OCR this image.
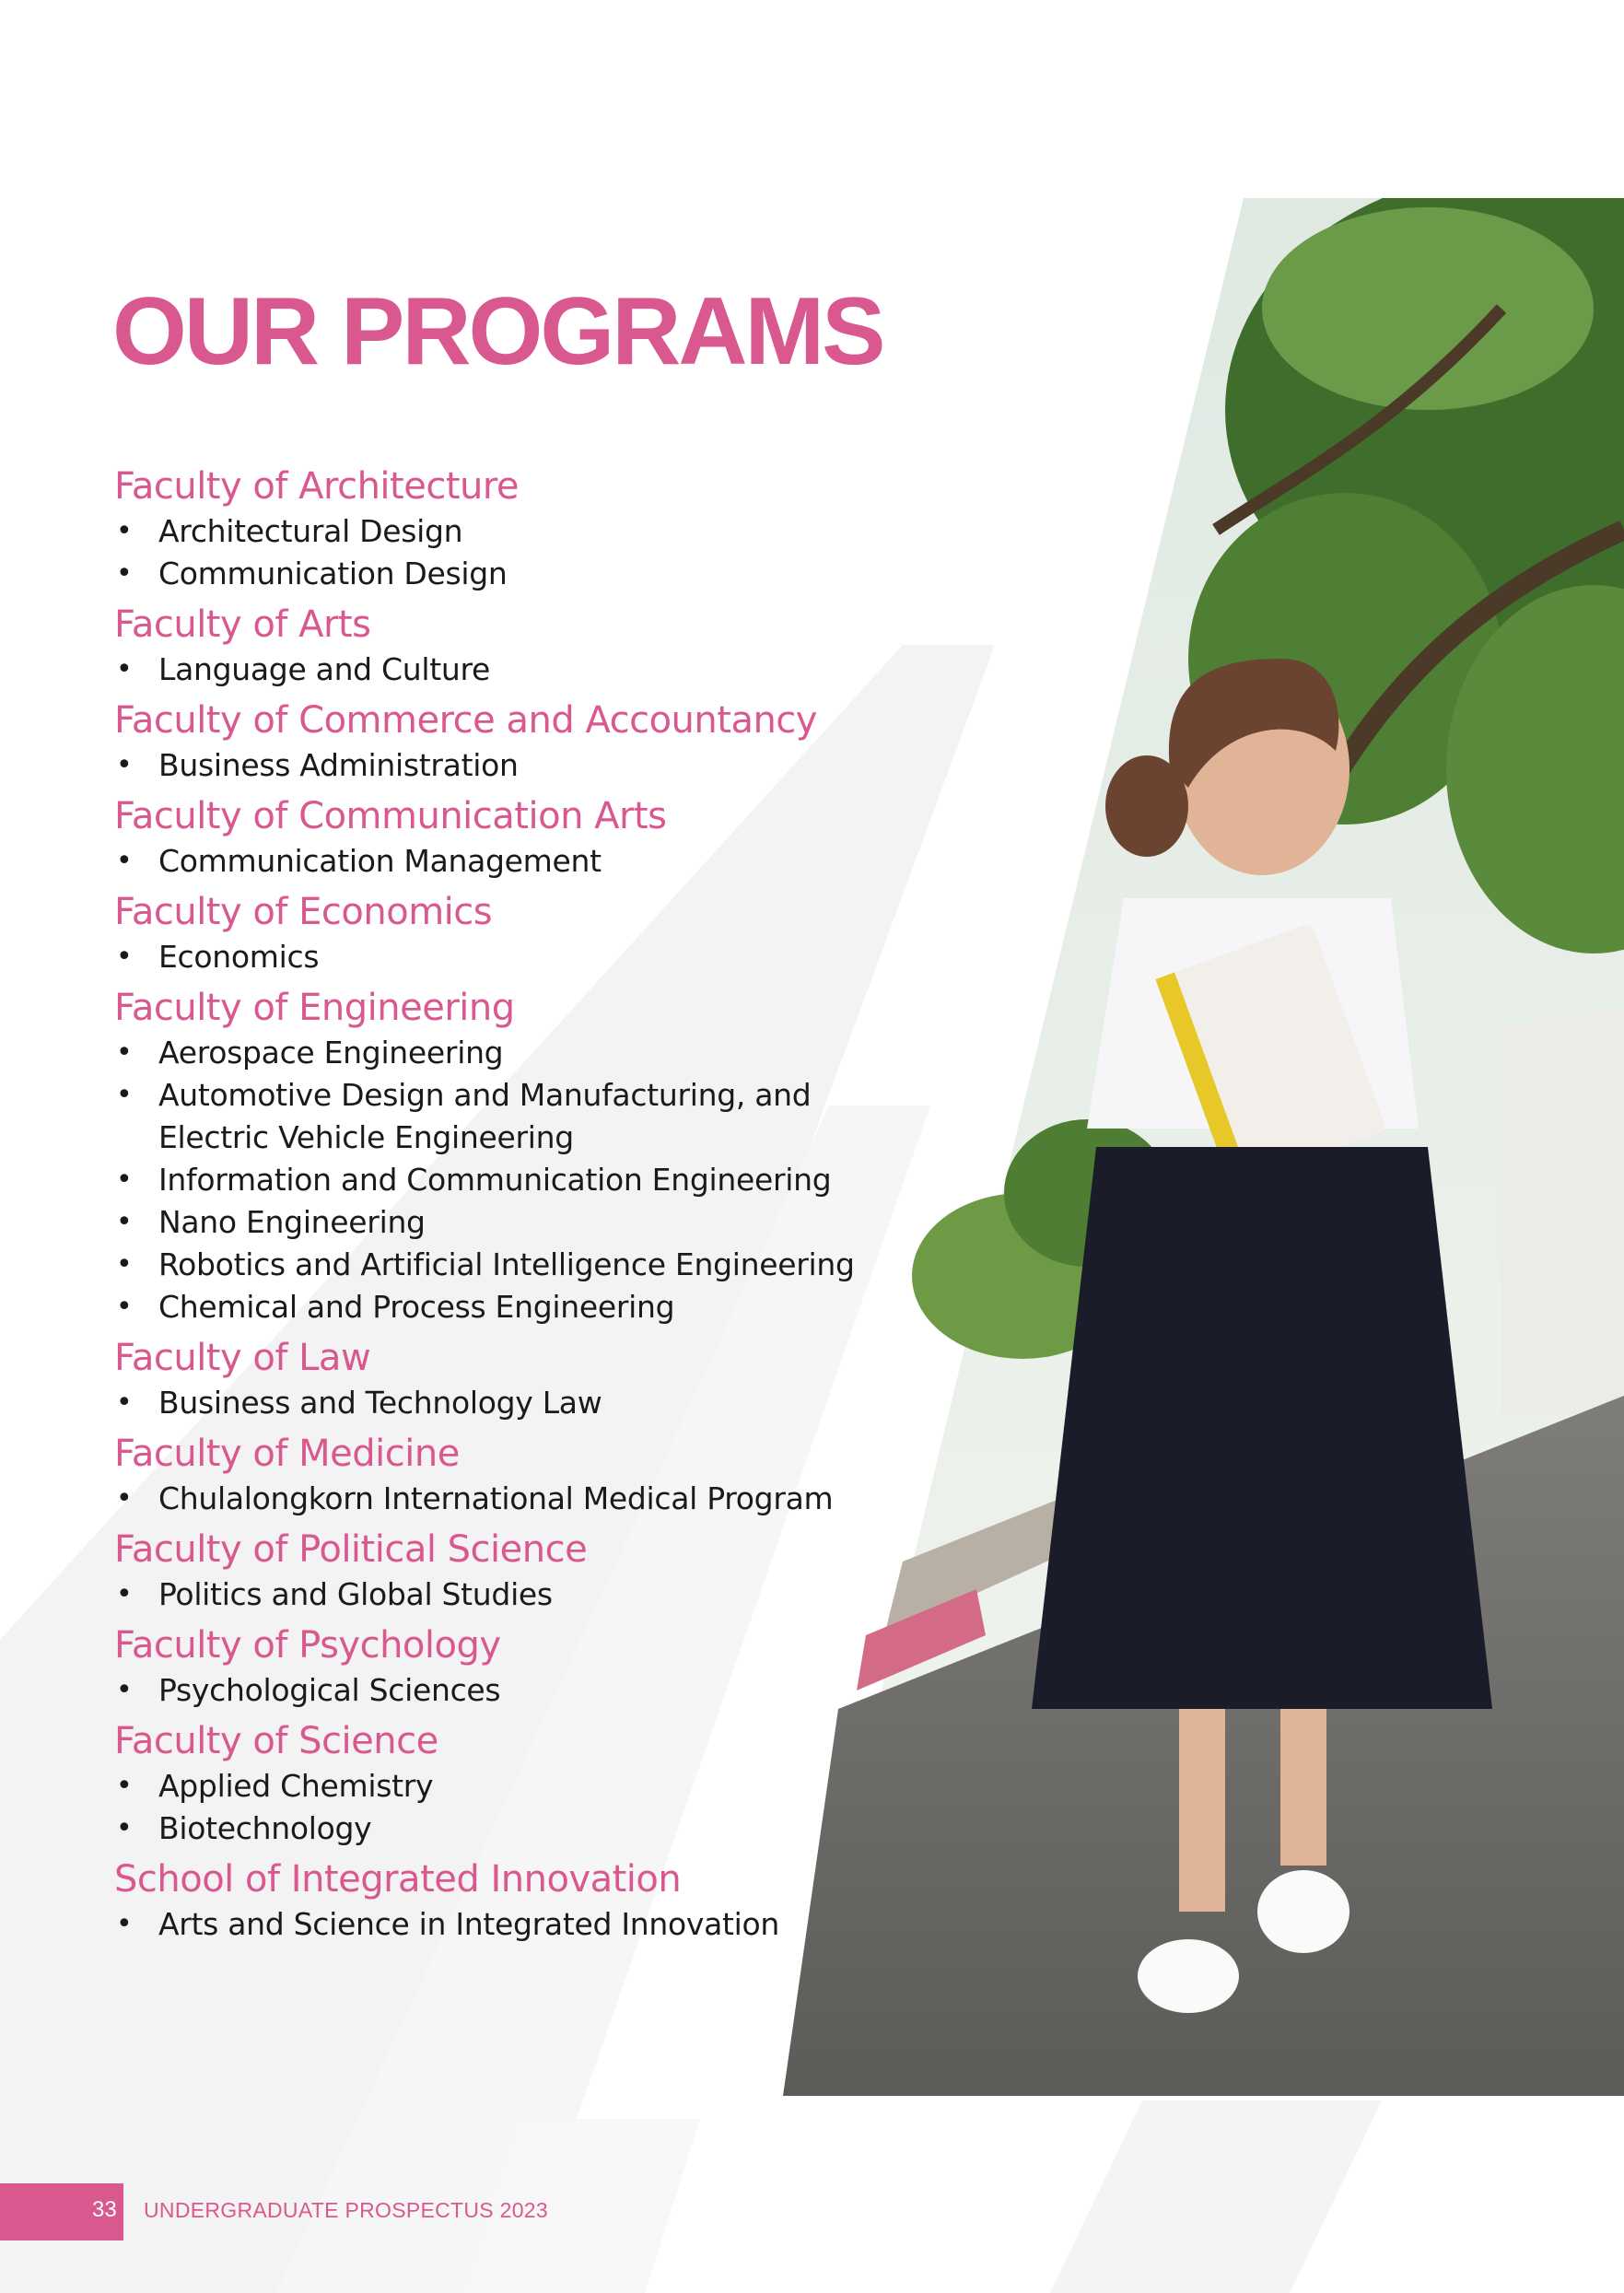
OUR PROGRAMS
Faculty of Architecture
• Architectural Design
• Communication Design
Faculty of Arts
• Language and Culture
Faculty of Commerce and Accountancy
• Business Administration
Faculty of Communication Arts
• Communication Management
Faculty of Economics
• Economics
Faculty of Engineering
• Aerospace Engineering
• Automotive Design and Manufacturing, and
Electric Vehicle Engineering
• Information and Communication Engineering
• Nano Engineering
• Robotics and Artificial Intelligence Engineering
• Chemical and Process Engineering
Faculty of Law
• Business and Technology Law
Faculty of Medicine
• Chulalongkorn International Medical Program
Faculty of Political Science
• Politics and Global Studies
Faculty of Psychology
• Psychological Sciences
Faculty of Science
• Applied Chemistry
• Biotechnology
School of Integrated Innovation
• Arts and Science in Integrated Innovation
33 UNDERGRADUATE PROSPECTUS 2023
